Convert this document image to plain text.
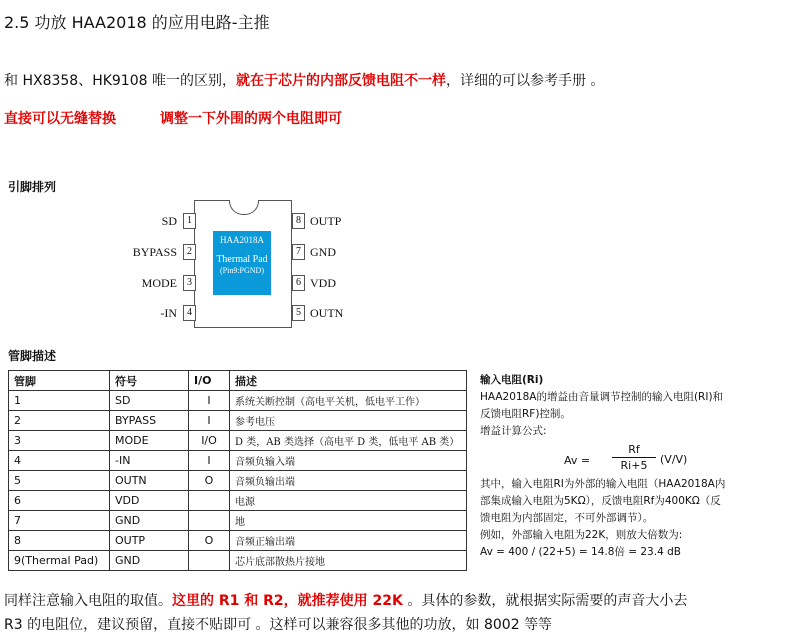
2.5 功放 HAA2018 的应用电路-主推
和 HX8358、HK9108 唯一的区别，就在于芯片的内部反馈电阻不一样，详细的可以参考手册 。
直接可以无缝替换	调整一下外围的两个电阻即可
引脚排列
HAA2018A
Thermal Pad
(Pin9:PGND)
1
2
3
4
SD
BYPASS
MODE
-IN
8
7
6
5
OUTP
GND
VDD
OUTN
管脚描述
管脚	符号	I/O	描述
1	SD	I	系统关断控制（高电平关机，低电平工作）
2	BYPASS	I	参考电压
3	MODE	I/O	D 类，AB 类选择（高电平 D 类，低电平 AB 类）
4	-IN	I	音频负输入端
5	OUTN	O	音频负输出端
6	VDD		电源
7	GND		地
8	OUTP	O	音频正输出端
9(Thermal Pad)	GND		芯片底部散热片接地
输入电阻(Ri)
HAA2018A的增益由音量调节控制的输入电阻(RI)和
反馈电阻RF)控制。
增益计算公式:
$Av = \frac{Rf}{Ri+5} (V/V)$
其中，输入电阻RI为外部的输入电阻（HAA2018A内
部集成输入电阻为5KΩ），反馈电阻Rf为400KΩ（反
馈电阻为内部固定，不可外部调节）。
例如，外部输入电阻为22K，则放大倍数为:
Av = 400 / (22+5) = 14.8倍 = 23.4 dB
同样注意输入电阻的取值。这里的 R1 和 R2，就推荐使用 22K 。具体的参数，就根据实际需要的声音大小去
R3 的电阻位，建议预留，直接不贴即可 。这样可以兼容很多其他的功放，如 8002 等等
